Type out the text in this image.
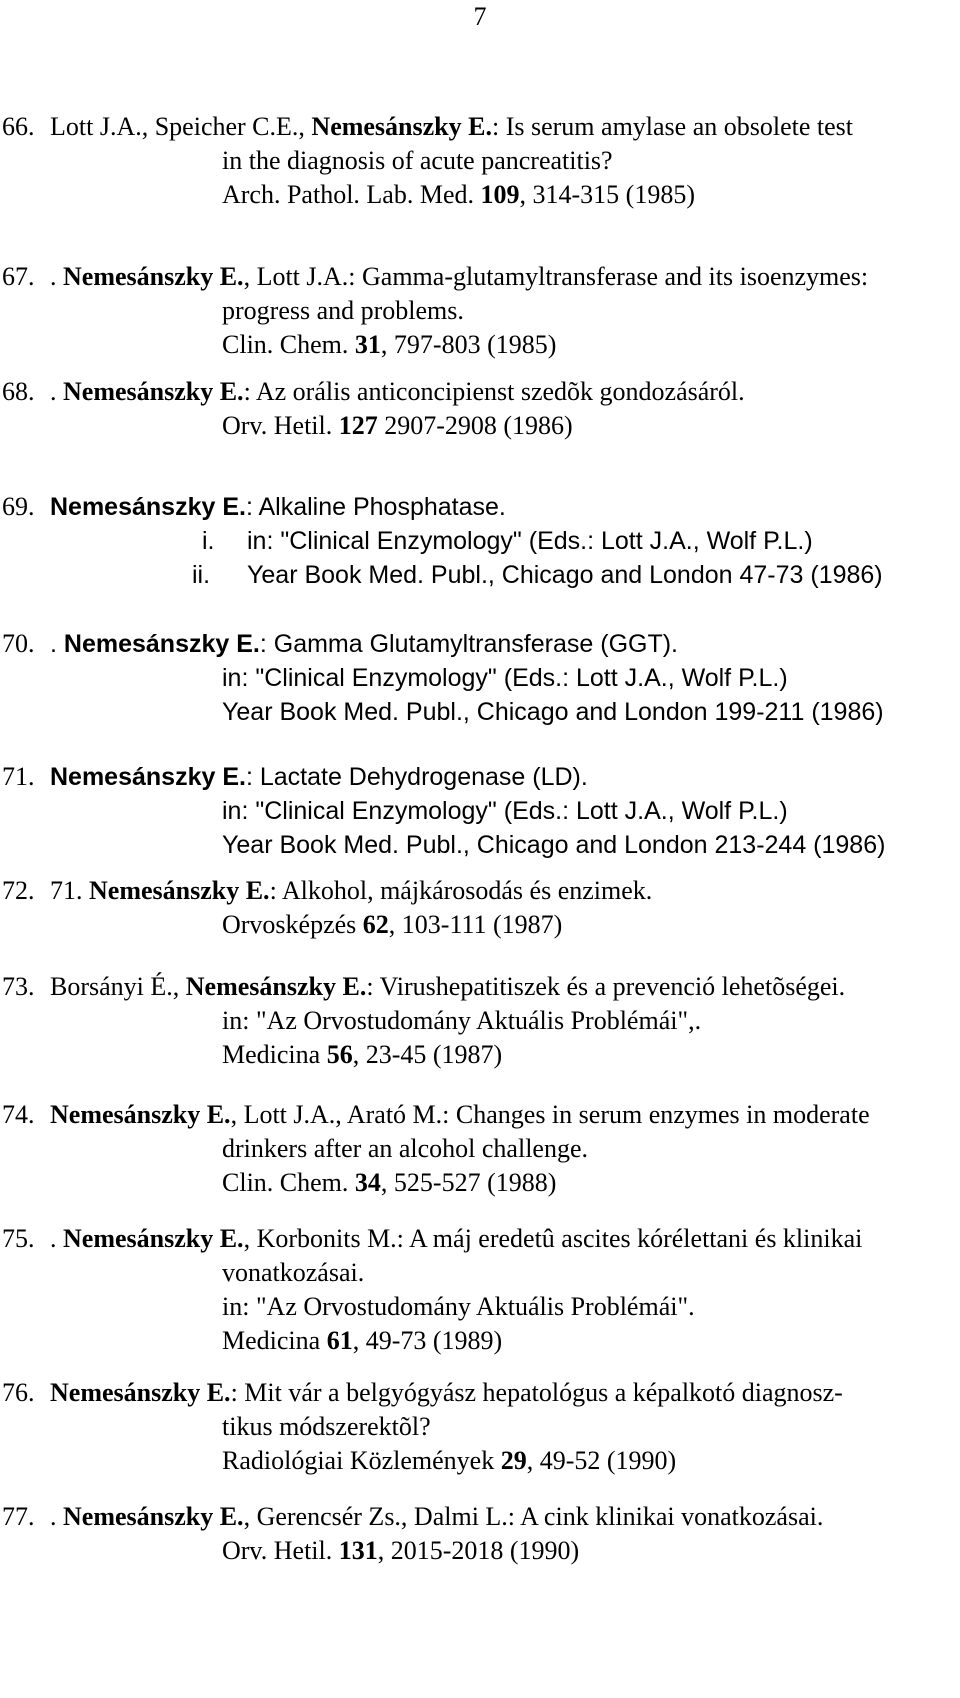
7
66. Lott J.A., Speicher C.E., Nemesánszky E.: Is serum amylase an obsolete test
in the diagnosis of acute pancreatitis?
Arch. Pathol. Lab. Med. 109, 314-315 (1985)
67. . Nemesánszky E., Lott J.A.: Gamma-glutamyltransferase and its isoenzymes:
progress and problems.
Clin. Chem. 31, 797-803 (1985)
68. . Nemesánszky E.: Az orális anticoncipienst szedõk gondozásáról.
Orv. Hetil. 127 2907-2908 (1986)
69. Nemesánszky E.: Alkaline Phosphatase.
i. in: "Clinical Enzymology" (Eds.: Lott J.A., Wolf P.L.)
ii. Year Book Med. Publ., Chicago and London 47-73 (1986)
70. . Nemesánszky E.: Gamma Glutamyltransferase (GGT).
in: "Clinical Enzymology" (Eds.: Lott J.A., Wolf P.L.)
Year Book Med. Publ., Chicago and London 199-211 (1986)
71. Nemesánszky E.: Lactate Dehydrogenase (LD).
in: "Clinical Enzymology" (Eds.: Lott J.A., Wolf P.L.)
Year Book Med. Publ., Chicago and London 213-244 (1986)
72. 71. Nemesánszky E.: Alkohol, májkárosodás és enzimek.
Orvosképzés 62, 103-111 (1987)
73. Borsányi É., Nemesánszky E.: Virushepatitiszek és a prevenció lehetõségei.
in: "Az Orvostudomány Aktuális Problémái",.
Medicina 56, 23-45 (1987)
74. Nemesánszky E., Lott J.A., Arató M.: Changes in serum enzymes in moderate
drinkers after an alcohol challenge.
Clin. Chem. 34, 525-527 (1988)
75. . Nemesánszky E., Korbonits M.: A máj eredetû ascites kórélettani és klinikai
vonatkozásai.
in: "Az Orvostudomány Aktuális Problémái".
Medicina 61, 49-73 (1989)
76. Nemesánszky E.: Mit vár a belgyógyász hepatológus a képalkotó diagnosz-
tikus módszerektõl?
Radiológiai Közlemények 29, 49-52 (1990)
77. . Nemesánszky E., Gerencsér Zs., Dalmi L.: A cink klinikai vonatkozásai.
Orv. Hetil. 131, 2015-2018 (1990)
